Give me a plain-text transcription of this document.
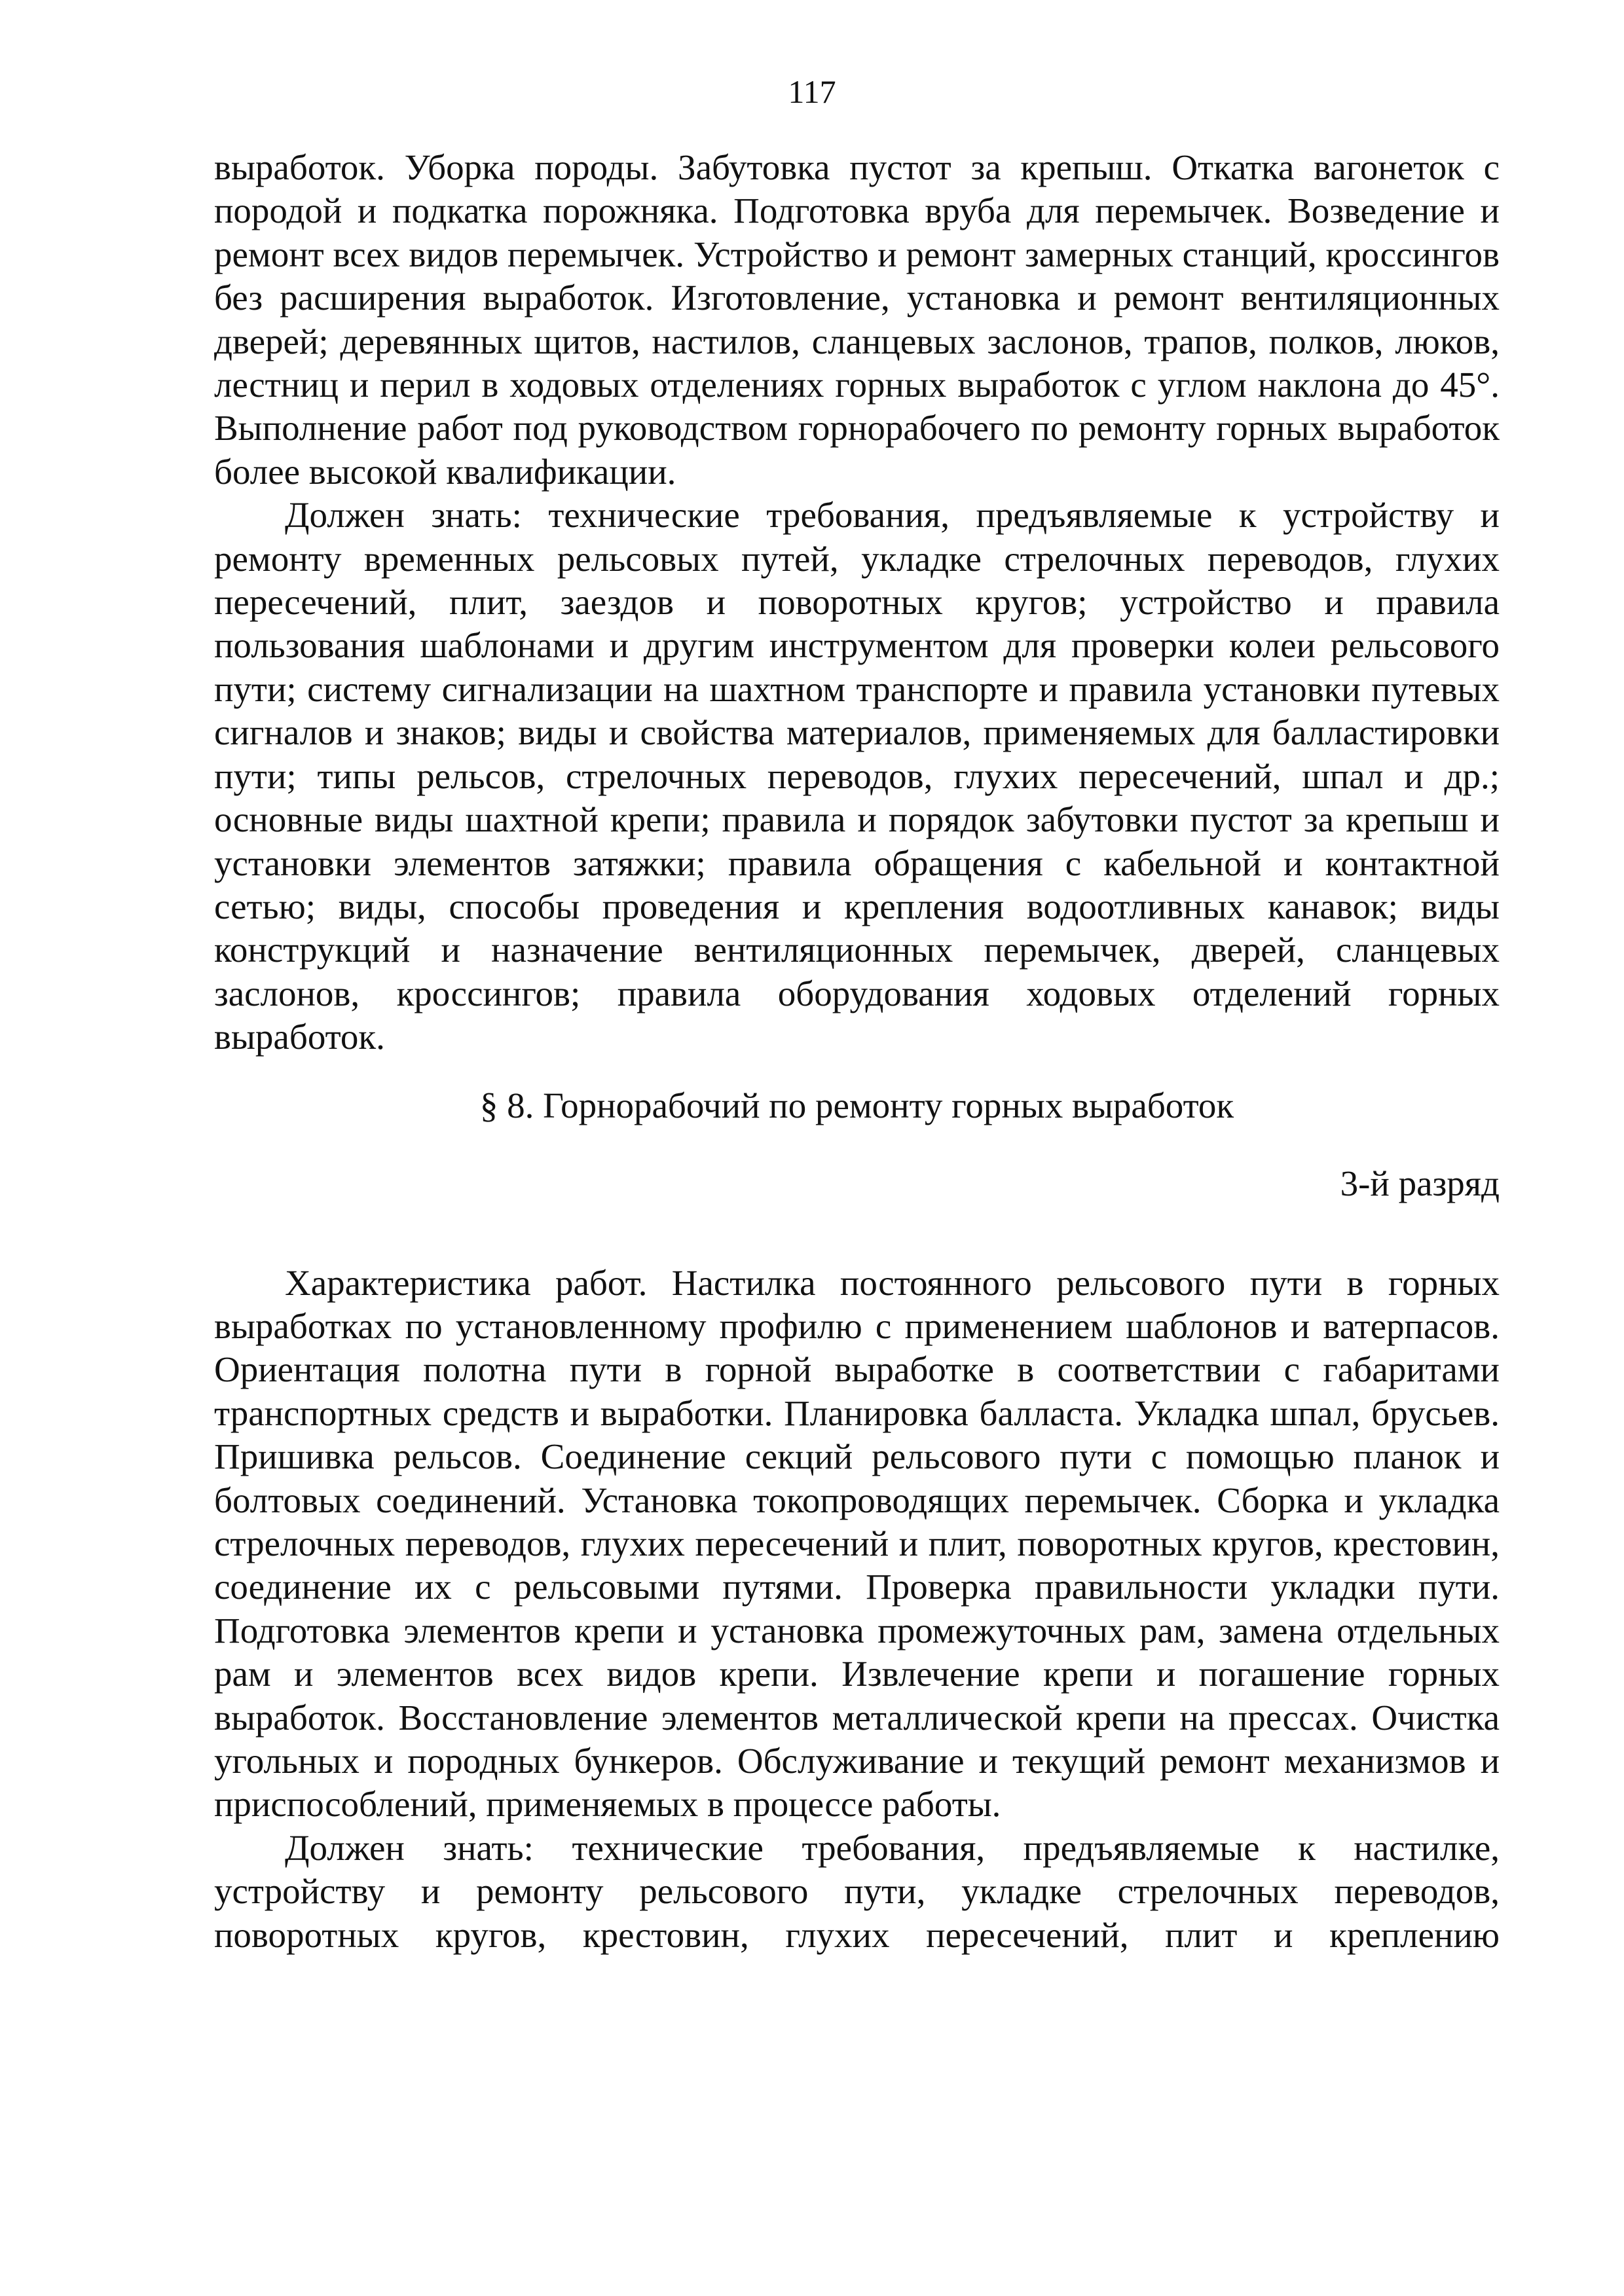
117

выработок. Уборка породы. Забутовка пустот за крепыш. Откатка вагонеток с породой и подкатка порожняка. Подготовка вруба для перемычек. Возведение и ремонт всех видов перемычек. Устройство и ремонт замерных станций, кроссингов без расширения выработок. Изготовление, установка и ремонт вентиляционных дверей; деревянных щитов, настилов, сланцевых заслонов, трапов, полков, люков, лестниц и перил в ходовых отделениях горных выработок с углом наклона до 45°. Выполнение работ под руководством горнорабочего по ремонту горных выработок более высокой квалификации.

Должен знать: технические требования, предъявляемые к устройству и ремонту временных рельсовых путей, укладке стрелочных переводов, глухих пересечений, плит, заездов и поворотных кругов; устройство и правила пользования шаблонами и другим инструментом для проверки колеи рельсового пути; систему сигнализации на шахтном транспорте и правила установки путевых сигналов и знаков; виды и свойства материалов, применяемых для балластировки пути; типы рельсов, стрелочных переводов, глухих пересечений, шпал и др.; основные виды шахтной крепи; правила и порядок забутовки пустот за крепыш и установки элементов затяжки; правила обращения с кабельной и контактной сетью; виды, способы проведения и крепления водоотливных канавок; виды конструкций и назначение вентиляционных перемычек, дверей, сланцевых заслонов, кроссингов; правила оборудования ходовых отделений горных выработок.

§ 8. Горнорабочий по ремонту горных выработок

3-й разряд

Характеристика работ. Настилка постоянного рельсового пути в горных выработках по установленному профилю с применением шаблонов и ватерпасов. Ориентация полотна пути в горной выработке в соответствии с габаритами транспортных средств и выработки. Планировка балласта. Укладка шпал, брусьев. Пришивка рельсов. Соединение секций рельсового пути с помощью планок и болтовых соединений. Установка токопроводящих перемычек. Сборка и укладка стрелочных переводов, глухих пересечений и плит, поворотных кругов, крестовин, соединение их с рельсовыми путями. Проверка правильности укладки пути. Подготовка элементов крепи и установка промежуточных рам, замена отдельных рам и элементов всех видов крепи. Извлечение крепи и погашение горных выработок. Восстановление элементов металлической крепи на прессах. Очистка угольных и породных бункеров. Обслуживание и текущий ремонт механизмов и приспособлений, применяемых в процессе работы.

Должен знать: технические требования, предъявляемые к настилке, устройству и ремонту рельсового пути, укладке стрелочных переводов, поворотных кругов, крестовин, глухих пересечений, плит и креплению
